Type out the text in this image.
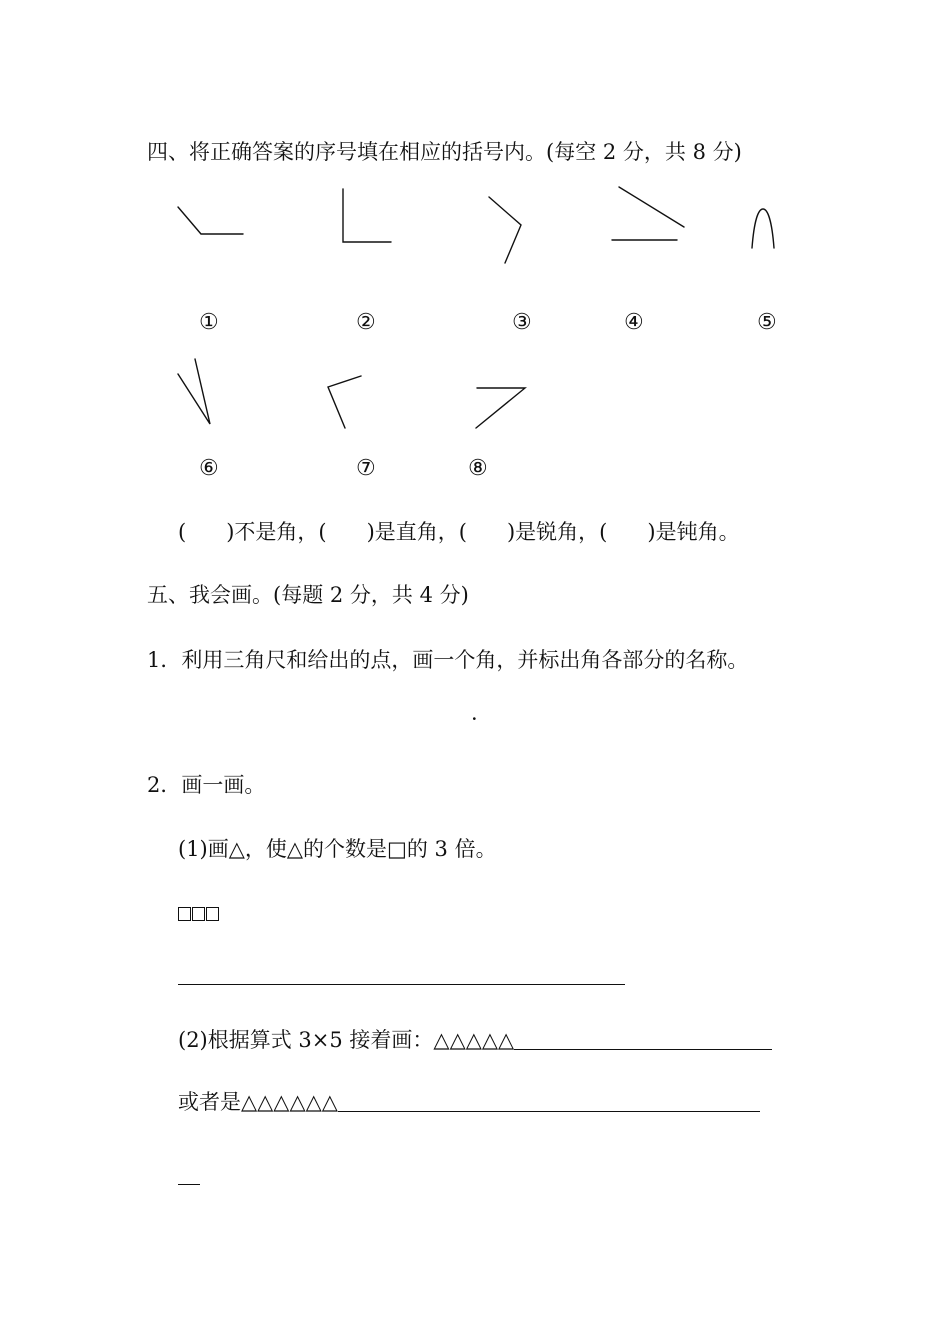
四、将正确答案的序号填在相应的括号内。(每空 2 分，共 8 分)
①	②	③	④	⑤
⑥	⑦	⑧
( )不是角，( )是直角，( )是锐角，( )是钝角。
五、我会画。(每题 2 分，共 4 分)
1．利用三角尺和给出的点，画一个角，并标出角各部分的名称。
·
2．画一画。
(1)画△，使△的个数是□的 3 倍。
(2)根据算式 3×5 接着画：△△△△△
或者是△△△△△△
